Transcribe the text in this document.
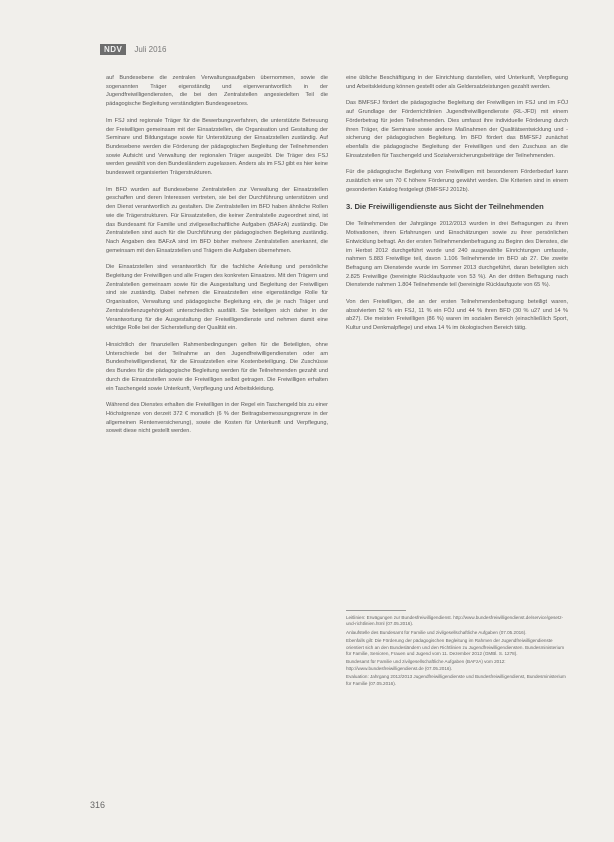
NDV	Juli 2016

auf Bundesebene die zentralen Verwaltungsaufgaben übernommen, sowie die sogenannten Träger eigenständig und eigenverantwortlich in der Jugendfreiwilligendiensten, die bei den Zentralstellen angesiedelten Teil die pädagogische Begleitung verständigten Bundesgesetzes.

Im FSJ sind regionale Träger für die Bewerbungsverfahren, die unterstützte Betreuung der Freiwilligen gemeinsam mit der Einsatzstellen, die Organisation und Gestaltung der Seminare und Bildungstage sowie für Unterstützung der Einsatzstellen zuständig. Auf Bundesebene werden die Förderung der pädagogischen Begleitung der Teilnehmenden sowie Aufsicht und Verwaltung der regionalen Träger ausgeübt. Die Träger des FSJ werden gewählt von den Bundesländern zugelassen. Anders als im FSJ gibt es hier keine bundesweit organisierten Trägerstrukturen.

Im BFD wurden auf Bundesebene Zentralstellen zur Verwaltung der Einsatzstellen geschaffen und deren Interessen vertreten, sie bei der Durchführung unterstützen und den Dienst verantwortlich zu gestalten. Die Zentralstellen im BFD haben ähnliche Rollen wie die Trägerstrukturen. Für Einsatzstellen, die keiner Zentralstelle zugeordnet sind, ist das Bundesamt für Familie und zivilgesellschaftliche Aufgaben (BAFzA) zuständig. Die Zentralstellen sind auch für die Durchführung der pädagogischen Begleitung zuständig. Nach Angaben des BAFzA sind im BFD bisher mehrere Zentralstellen anerkannt, die gemeinsam mit den Einsatzstellen und Trägern die Aufgaben übernehmen.

Die Einsatzstellen sind verantwortlich für die fachliche Anleitung und persönliche Begleitung der Freiwilligen und alle Fragen des konkreten Einsatzes. Mit den Trägern und Zentralstellen gemeinsam sowie für die Ausgestaltung und Begleitung der Freiwilligen sind sie zuständig. Dabei nehmen die Einsatzstellen eine eigenständige Rolle für Organisation, Verwaltung und pädagogische Begleitung ein, die je nach Träger und Zentralstellenzugehörigkeit unterschiedlich ausfällt. Sie beteiligen sich daher in der Verantwortung für die Ausgestaltung der Freiwilligendienste und nehmen damit eine wichtige Rolle bei der Sicherstellung der Qualität ein.

Hinsichtlich der finanziellen Rahmenbedingungen gelten für die Beteiligten, ohne Unterschiede bei der Teilnahme an den Jugendfreiwilligendiensten oder am Bundesfreiwilligendienst, für die Einsatzstellen eine Kostenbeteiligung. Die Zuschüsse des Bundes für die pädagogische Begleitung werden für die Teilnehmenden gezahlt und durch die Einsatzstellen sowie die Freiwilligen selbst getragen. Die Freiwilligen erhalten ein Taschengeld sowie Unterkunft, Verpflegung und Arbeitskleidung.

Während des Dienstes erhalten die Freiwilligen in der Regel ein Taschengeld bis zu einer Höchstgrenze von derzeit 372 € monatlich (6 % der Beitragsbemessungsgrenze in der allgemeinen Rentenversicherung), sowie die Kosten für Unterkunft und Verpflegung, soweit diese nicht gestellt werden.

eine übliche Beschäftigung in der Einrichtung darstellen, wird Unterkunft, Verpflegung und Arbeitskleidung können gestellt oder als Geldersatzleistungen gezahlt werden.

Das BMFSFJ fördert die pädagogische Begleitung der Freiwilligen im FSJ und im FÖJ auf Grundlage der Förderrichtlinien Jugendfreiwilligendienste (RL-JFD) mit einem Förderbetrag für jeden Teilnehmenden. Dies umfasst ihre individuelle Förderung durch ihren Träger, die Seminare sowie andere Maßnahmen der Qualitätsentwicklung und -sicherung der pädagogischen Begleitung. Im BFD fördert das BMFSFJ zunächst ebenfalls die pädagogische Begleitung der Freiwilligen und den Zuschuss an die Einsatzstellen für Taschengeld und Sozialversicherungsbeiträge der Teilnehmenden.

Für die pädagogische Begleitung von Freiwilligen mit besonderem Förderbedarf kann zusätzlich eine um 70 € höhere Förderung gewährt werden. Die Kriterien sind in einem gesonderten Katalog festgelegt (BMFSFJ 2012b).

3. Die Freiwilligendienste aus Sicht der Teilnehmenden

Die Teilnehmenden der Jahrgänge 2012/2013 wurden in drei Befragungen zu ihren Motivationen, ihren Erfahrungen und Einschätzungen sowie zu ihrer persönlichen Entwicklung befragt. An der ersten Teilnehmendenbefragung zu Beginn des Dienstes, die im Herbst 2012 durchgeführt wurde und 240 ausgewählte Einrichtungen umfasste, nahmen 5.883 Freiwillige teil, davon 1.106 Teilnehmende im BFD ab 27. Die zweite Befragung am Dienstende wurde im Sommer 2013 durchgeführt, daran beteiligten sich 2.825 Freiwillige (bereinigte Rücklaufquote von 53 %). An der dritten Befragung nach Dienstende nahmen 1.804 Teilnehmende teil (bereinigte Rücklaufquote von 65 %).

Von den Freiwilligen, die an der ersten Teilnehmendenbefragung beteiligt waren, absolvierten 52 % ein FSJ, 11 % ein FÖJ und 44 % ihren BFD (30 % u27 und 14 % ab27). Die meisten Freiwilligen (86 %) waren im sozialen Bereich (einschließlich Sport, Kultur und Denkmalpflege) und etwa 14 % im ökologischen Bereich tätig.

Leitlinien: Erwägungen zur Bundesfreiwilligendienst. http://www.bundesfreiwilligendienst.de/service/gesetz-und-richtlinien.html (07.05.2016).

Anlaufstelle des Bundesamt für Familie und zivilgesellschaftliche Aufgaben (07.05.2016).

Ebenfalls gilt: Die Förderung der pädagogischen Begleitung im Rahmen der Jugendfreiwilligendienste orientiert sich an den Bundesländern und den Richtlinien zu Jugendfreiwilligendiensten. Bundesministerium für Familie, Senioren, Frauen und Jugend vom 11. Dezember 2012 (GMBl. S. 1278).

Bundesamt für Familie und zivilgesellschaftliche Aufgaben (BAFzA) vom 2012: http://www.bundesfreiwilligendienst.de (07.05.2016).

Evaluation: Jahrgang 2012/2013 Jugendfreiwilligendienste und Bundesfreiwilligendienst, Bundesministerium für Familie (07.05.2016).

316
